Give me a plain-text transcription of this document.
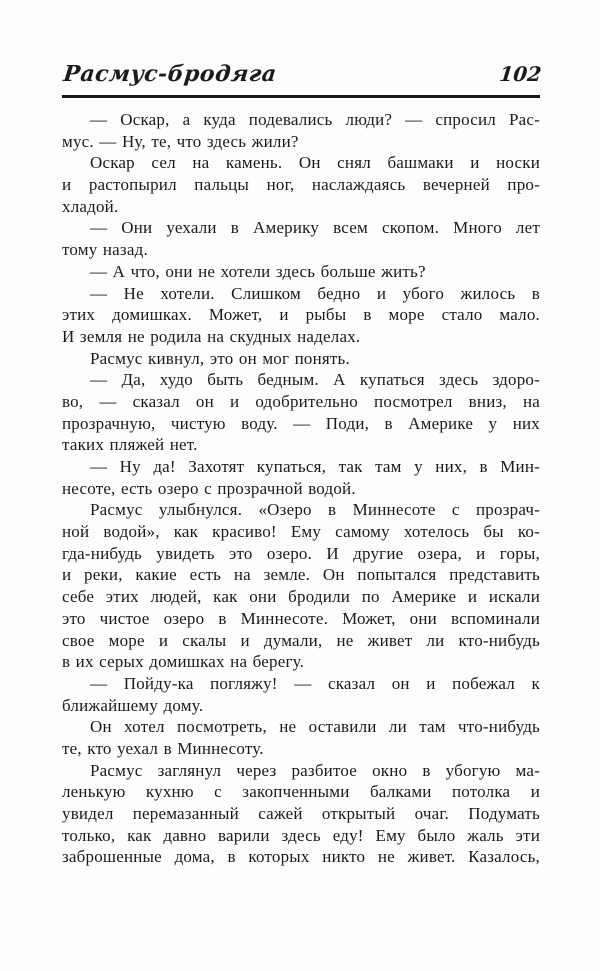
Расмус-бродяга	102

— Оскар, а куда подевались люди? — спросил Рас-
мус. — Ну, те, что здесь жили?

Оскар сел на камень. Он снял башмаки и носки
и растопырил пальцы ног, наслаждаясь вечерней про-
хладой.

— Они уехали в Америку всем скопом. Много лет
тому назад.

— А что, они не хотели здесь больше жить?

— Не хотели. Слишком бедно и убого жилось в
этих домишках. Может, и рыбы в море стало мало.
И земля не родила на скудных наделах.

Расмус кивнул, это он мог понять.

— Да, худо быть бедным. А купаться здесь здоро-
во, — сказал он и одобрительно посмотрел вниз, на
прозрачную, чистую воду. — Поди, в Америке у них
таких пляжей нет.

— Ну да! Захотят купаться, так там у них, в Мин-
несоте, есть озеро с прозрачной водой.

Расмус улыбнулся. «Озеро в Миннесоте с прозрач-
ной водой», как красиво! Ему самому хотелось бы ко-
гда-нибудь увидеть это озеро. И другие озера, и горы,
и реки, какие есть на земле. Он попытался представить
себе этих людей, как они бродили по Америке и искали
это чистое озеро в Миннесоте. Может, они вспоминали
свое море и скалы и думали, не живет ли кто-нибудь
в их серых домишках на берегу.

— Пойду-ка погляжу! — сказал он и побежал к
ближайшему дому.

Он хотел посмотреть, не оставили ли там что-нибудь
те, кто уехал в Миннесоту.

Расмус заглянул через разбитое окно в убогую ма-
ленькую кухню с закопченными балками потолка и
увидел перемазанный сажей открытый очаг. Подумать
только, как давно варили здесь еду! Ему было жаль эти
заброшенные дома, в которых никто не живет. Казалось,
